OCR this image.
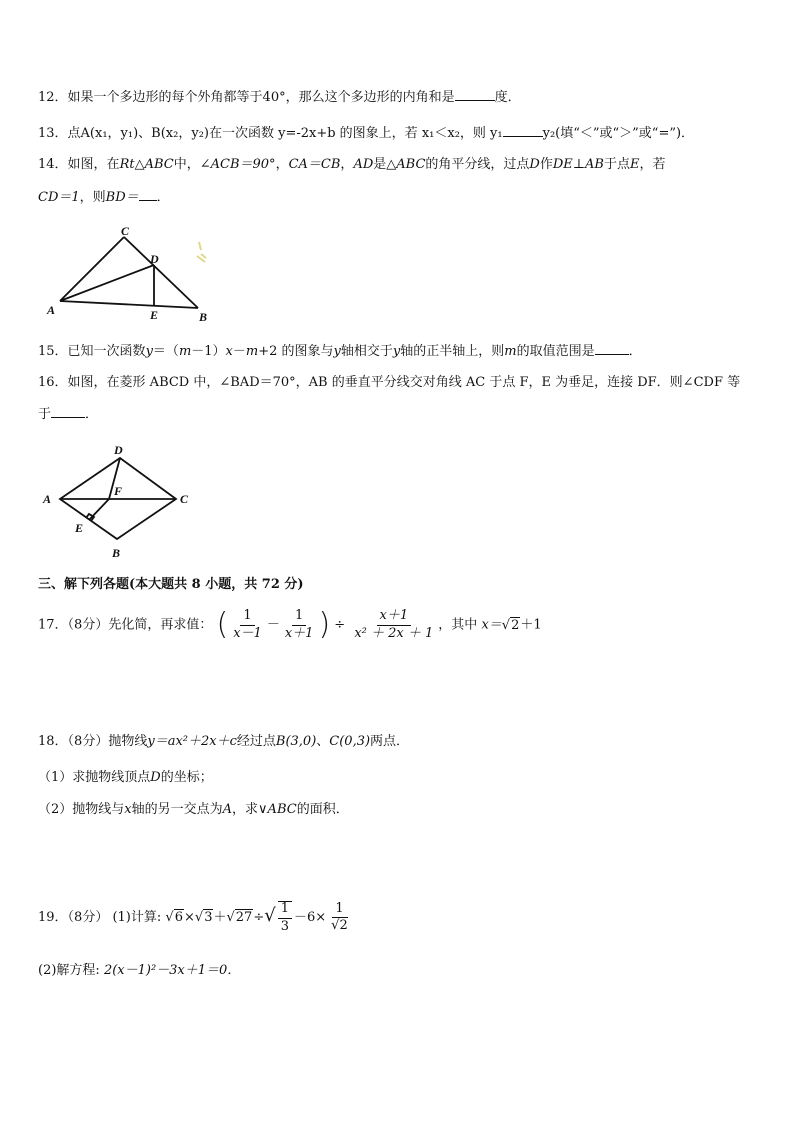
12．如果一个多边形的每个外角都等于40°，那么这个多边形的内角和是	度．
13．点A(x₁，y₁)、B(x₂，y₂)在一次函数 y=-2x+b 的图象上，若 x₁＜x₂，则 y₁	y₂(填“＜”或“＞”或“=”)．
14．如图，在Rt△ABC中，∠ACB＝90°，CA＝CB，AD是△ABC的角平分线，过点D作DE⊥AB于点E，若
CD＝1，则BD＝ ．
C
D
A	E	B
15．已知一次函数y＝（m－1）x－m+2 的图象与y轴相交于y轴的正半轴上，则m的取值范围是	．
16．如图，在菱形 ABCD 中，∠BAD＝70°，AB 的垂直平分线交对角线 AC 于点 F，E 为垂足，连接 DF．则∠CDF 等
于	．
D
A
F
C
E
B
三、解下列各题(本大题共 8 小题，共 72 分)
17．（8分）先化简，再求值： ( $\frac{1}{x-1} - \frac{1}{x+1}$ ) ÷ $\frac{x+1}{\text{x² ＋ 2x ＋ 1}}$ ，其中 x＝√2＋1
18．（8分）抛物线y＝ax²＋2x＋c经过点B(3,0)、C(0,3)两点．
（1）求抛物线顶点D的坐标；
（2）抛物线与x轴的另一交点为A，求∨ABC的面积．
19．（8分） (1)计算: $√6\times√3+√27\div√ \frac{1}{3} -6\times \frac{1}{√2}$
(2)解方程: 2(x－1)²－3x＋1＝0．
